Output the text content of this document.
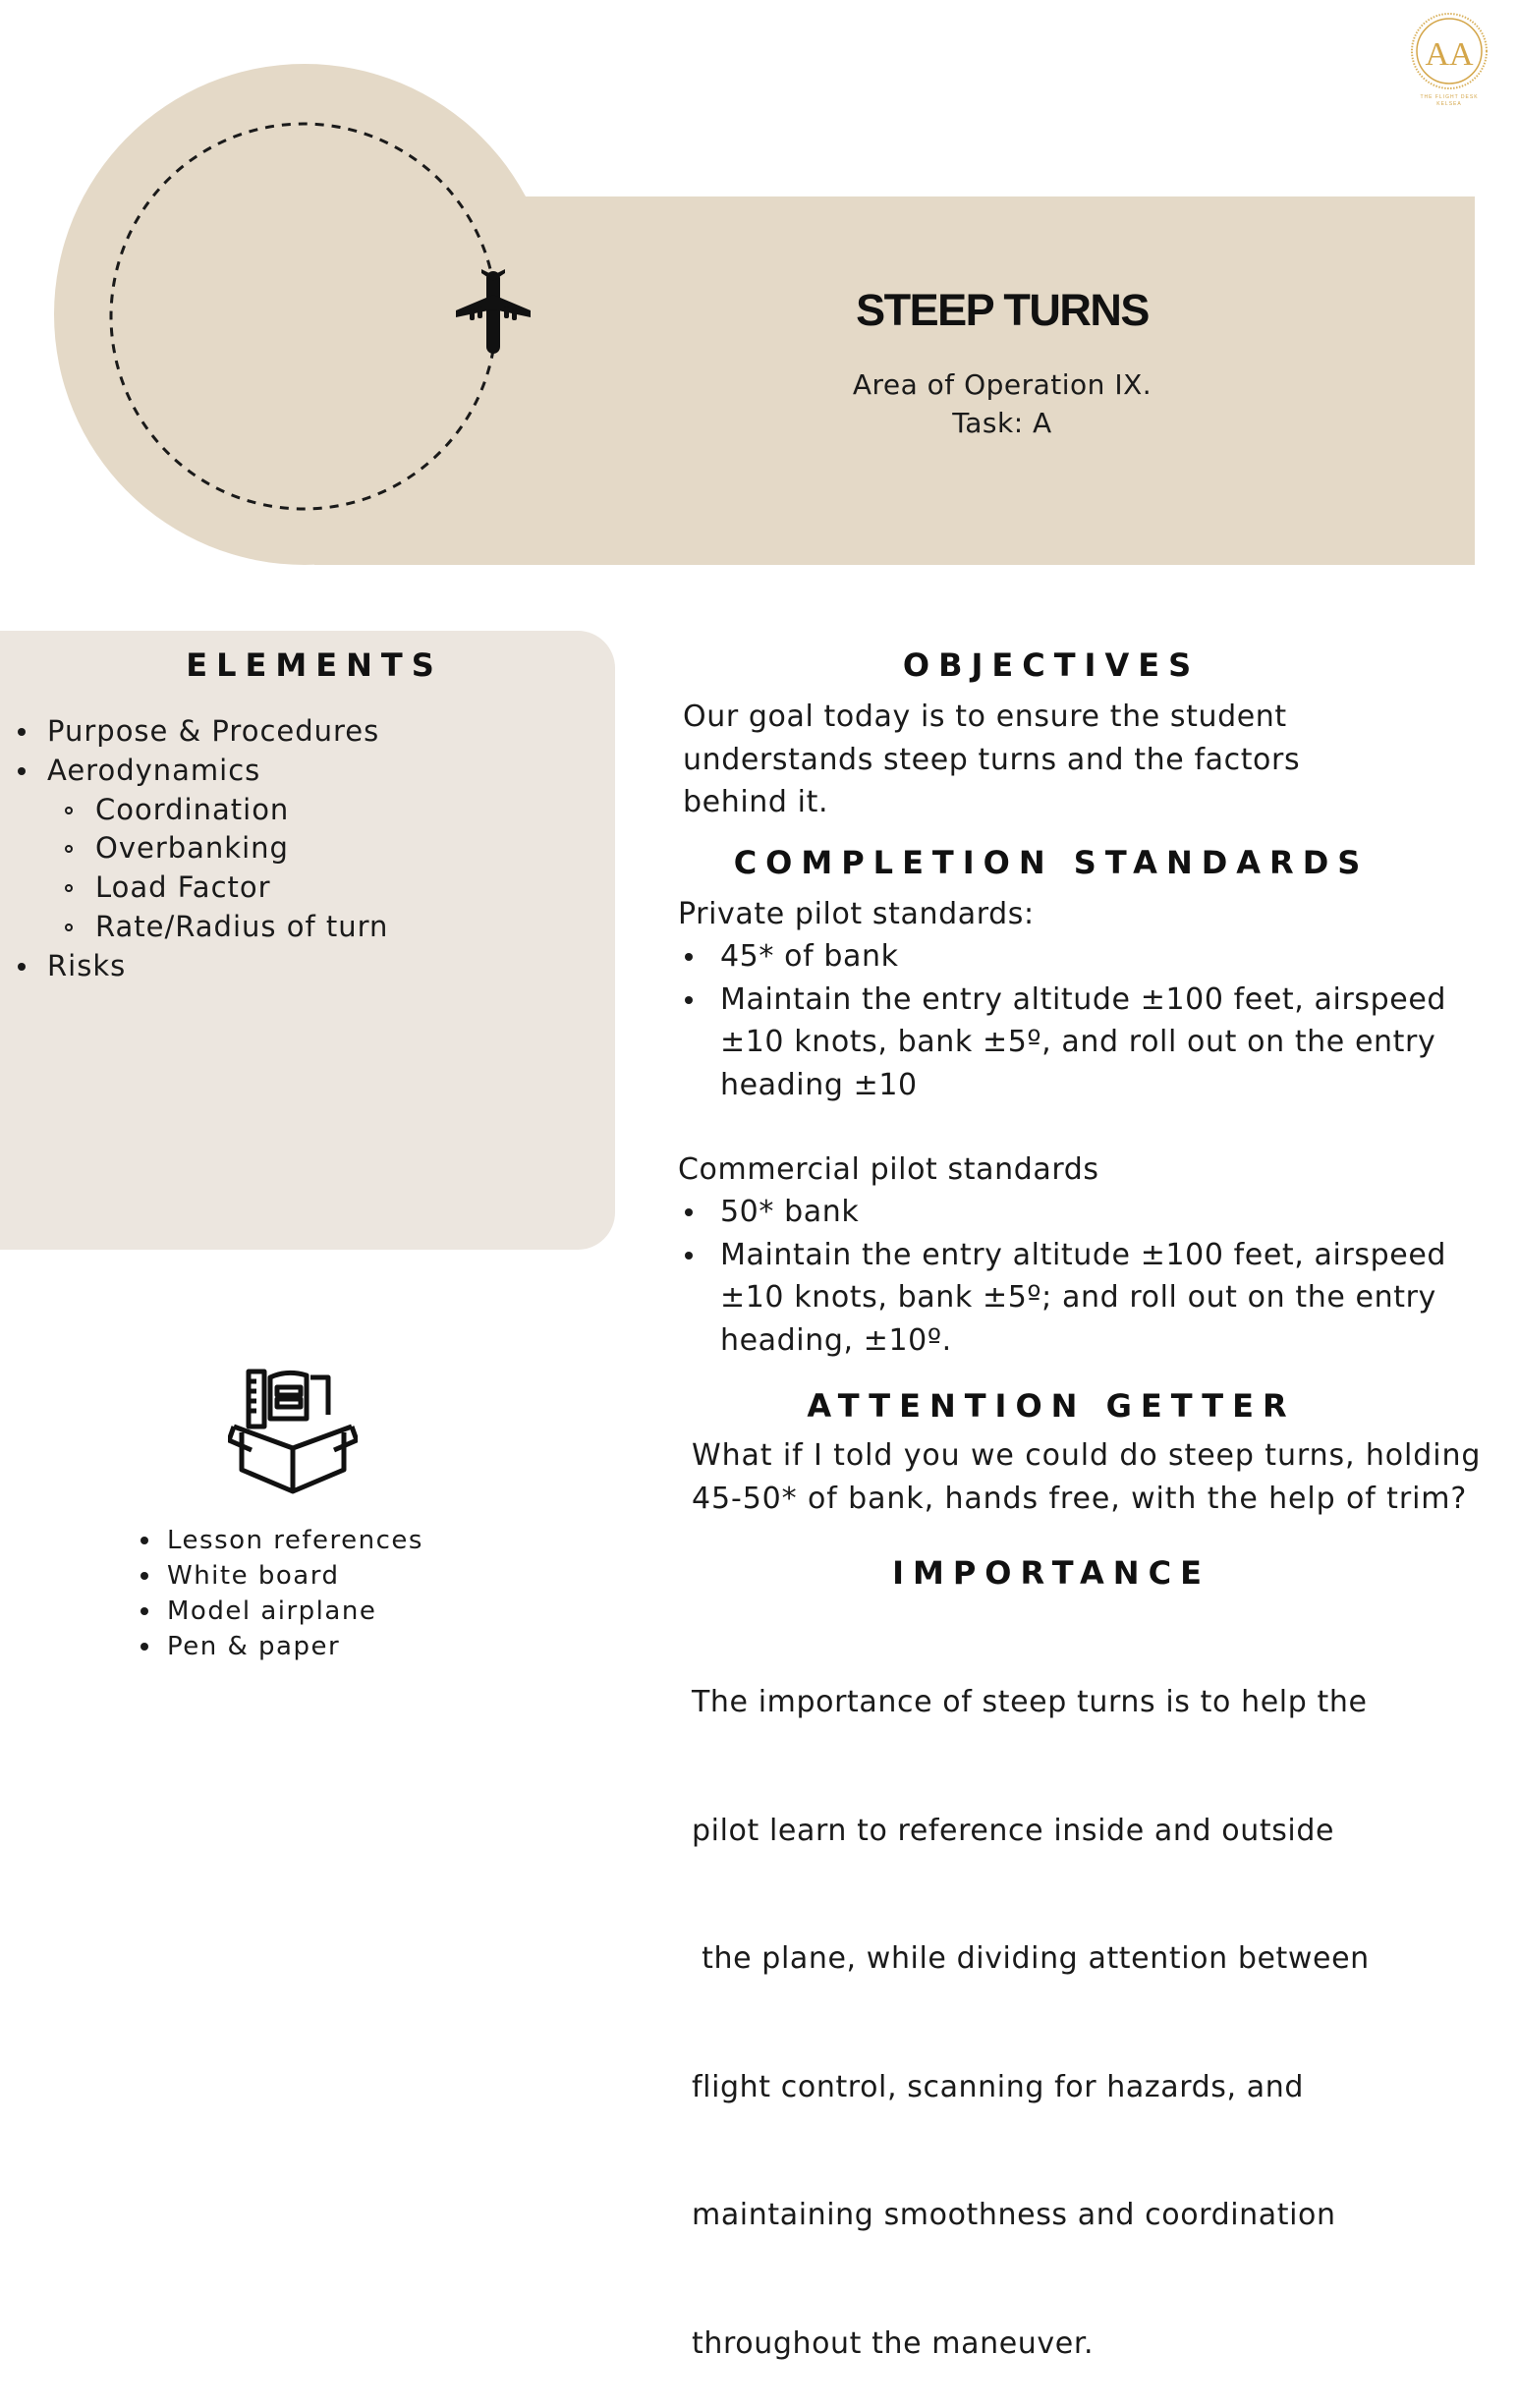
AA
THE FLIGHT DESK
KELSEA
STEEP TURNS
Area of Operation IX.
Task: A
ELEMENTS
Purpose & Procedures
Aerodynamics
Coordination
Overbanking
Load Factor
Rate/Radius of turn
Risks
Lesson references
White board
Model airplane
Pen & paper
OBJECTIVES
Our goal today is to ensure the student
understands steep turns and the factors
behind it.
COMPLETION STANDARDS
Private pilot standards:
45* of bank
Maintain the entry altitude ±100 feet, airspeed
±10 knots, bank ±5º, and roll out on the entry
heading ±10
Commercial pilot standards
50* bank
Maintain the entry altitude ±100 feet, airspeed
±10 knots, bank ±5º; and roll out on the entry
heading, ±10º.
ATTENTION GETTER
What if I told you we could do steep turns, holding
45-50* of bank, hands free, with the help of trim?
IMPORTANCE

The importance of steep turns is to help the

pilot learn to reference inside and outside

the plane, while dividing attention between

flight control, scanning for hazards, and

maintaining smoothness and coordination

throughout the maneuver.
